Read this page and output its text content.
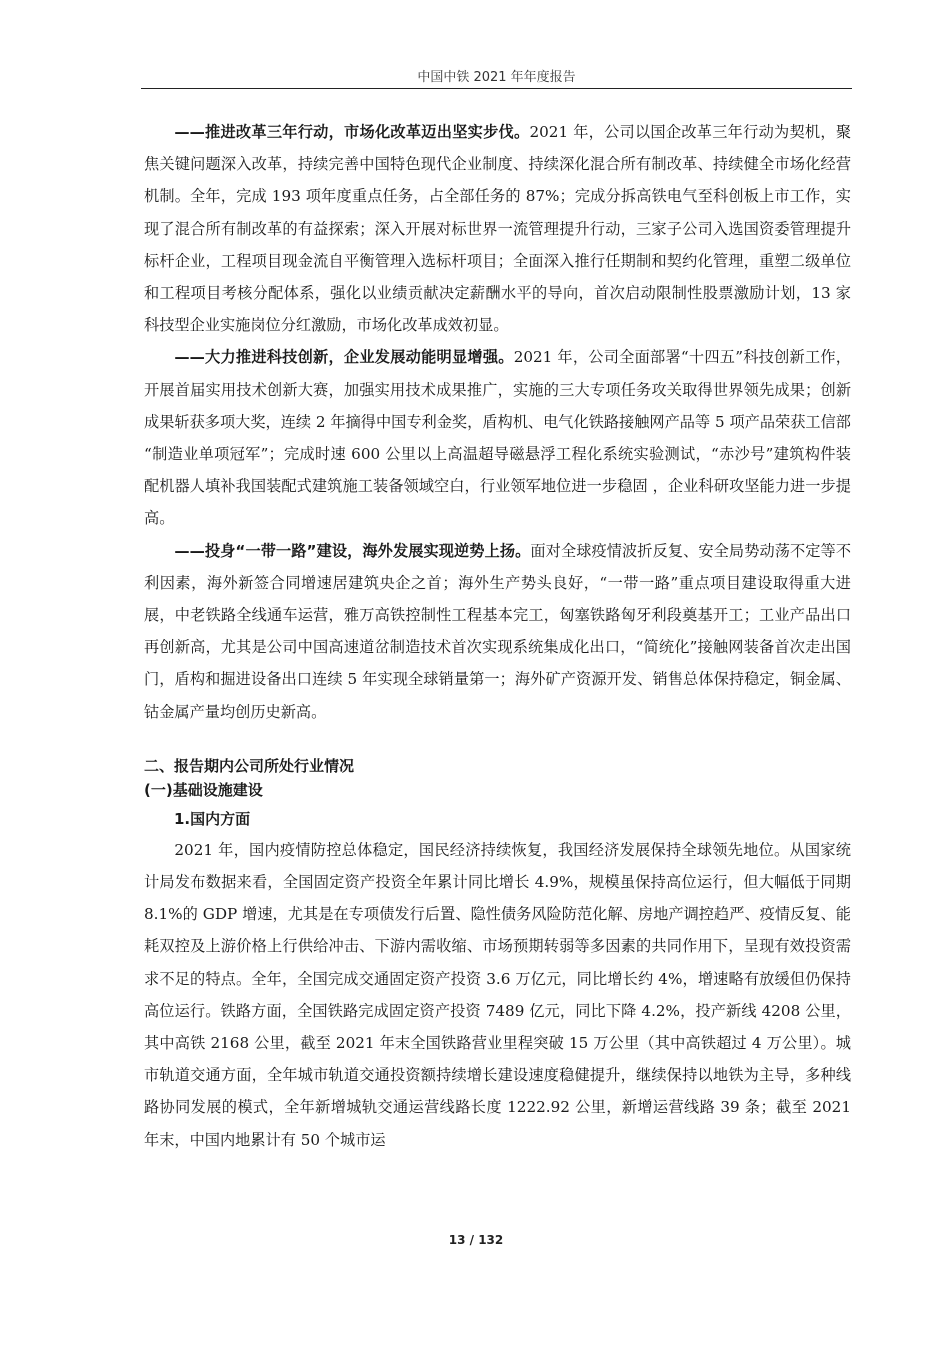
中国中铁 2021 年年度报告

——推进改革三年行动，市场化改革迈出坚实步伐。2021 年，公司以国企改革三年行动为契机，聚焦关键问题深入改革，持续完善中国特色现代企业制度、持续深化混合所有制改革、持续健全市场化经营机制。全年，完成 193 项年度重点任务，占全部任务的 87%；完成分拆高铁电气至科创板上市工作，实现了混合所有制改革的有益探索；深入开展对标世界一流管理提升行动，三家子公司入选国资委管理提升标杆企业，工程项目现金流自平衡管理入选标杆项目；全面深入推行任期制和契约化管理，重塑二级单位和工程项目考核分配体系，强化以业绩贡献决定薪酬水平的导向，首次启动限制性股票激励计划，13 家科技型企业实施岗位分红激励，市场化改革成效初显。

——大力推进科技创新，企业发展动能明显增强。2021 年，公司全面部署“十四五”科技创新工作，开展首届实用技术创新大赛，加强实用技术成果推广，实施的三大专项任务攻关取得世界领先成果；创新成果斩获多项大奖，连续 2 年摘得中国专利金奖，盾构机、电气化铁路接触网产品等 5 项产品荣获工信部 “制造业单项冠军”；完成时速 600 公里以上高温超导磁悬浮工程化系统实验测试，“赤沙号”建筑构件装配机器人填补我国装配式建筑施工装备领域空白，行业领军地位进一步稳固 ，企业科研攻坚能力进一步提高。

——投身“一带一路”建设，海外发展实现逆势上扬。面对全球疫情波折反复、安全局势动荡不定等不利因素，海外新签合同增速居建筑央企之首；海外生产势头良好，“一带一路”重点项目建设取得重大进展，中老铁路全线通车运营，雅万高铁控制性工程基本完工，匈塞铁路匈牙利段奠基开工；工业产品出口再创新高，尤其是公司中国高速道岔制造技术首次实现系统集成化出口，“简统化”接触网装备首次走出国门，盾构和掘进设备出口连续 5 年实现全球销量第一；海外矿产资源开发、销售总体保持稳定，铜金属、钴金属产量均创历史新高。

二、报告期内公司所处行业情况
(一)基础设施建设
1.国内方面

2021 年，国内疫情防控总体稳定，国民经济持续恢复，我国经济发展保持全球领先地位。从国家统计局发布数据来看，全国固定资产投资全年累计同比增长 4.9%，规模虽保持高位运行，但大幅低于同期 8.1%的 GDP 增速，尤其是在专项债发行后置、隐性债务风险防范化解、房地产调控趋严、疫情反复、能耗双控及上游价格上行供给冲击、下游内需收缩、市场预期转弱等多因素的共同作用下，呈现有效投资需求不足的特点。全年，全国完成交通固定资产投资 3.6 万亿元，同比增长约 4%，增速略有放缓但仍保持高位运行。铁路方面，全国铁路完成固定资产投资 7489 亿元，同比下降 4.2%，投产新线 4208 公里，其中高铁 2168 公里，截至 2021 年末全国铁路营业里程突破 15 万公里（其中高铁超过 4 万公里）。城市轨道交通方面，全年城市轨道交通投资额持续增长建设速度稳健提升，继续保持以地铁为主导，多种线路协同发展的模式，全年新增城轨交通运营线路长度 1222.92 公里，新增运营线路 39 条；截至 2021 年末，中国内地累计有 50 个城市运

13 / 132
